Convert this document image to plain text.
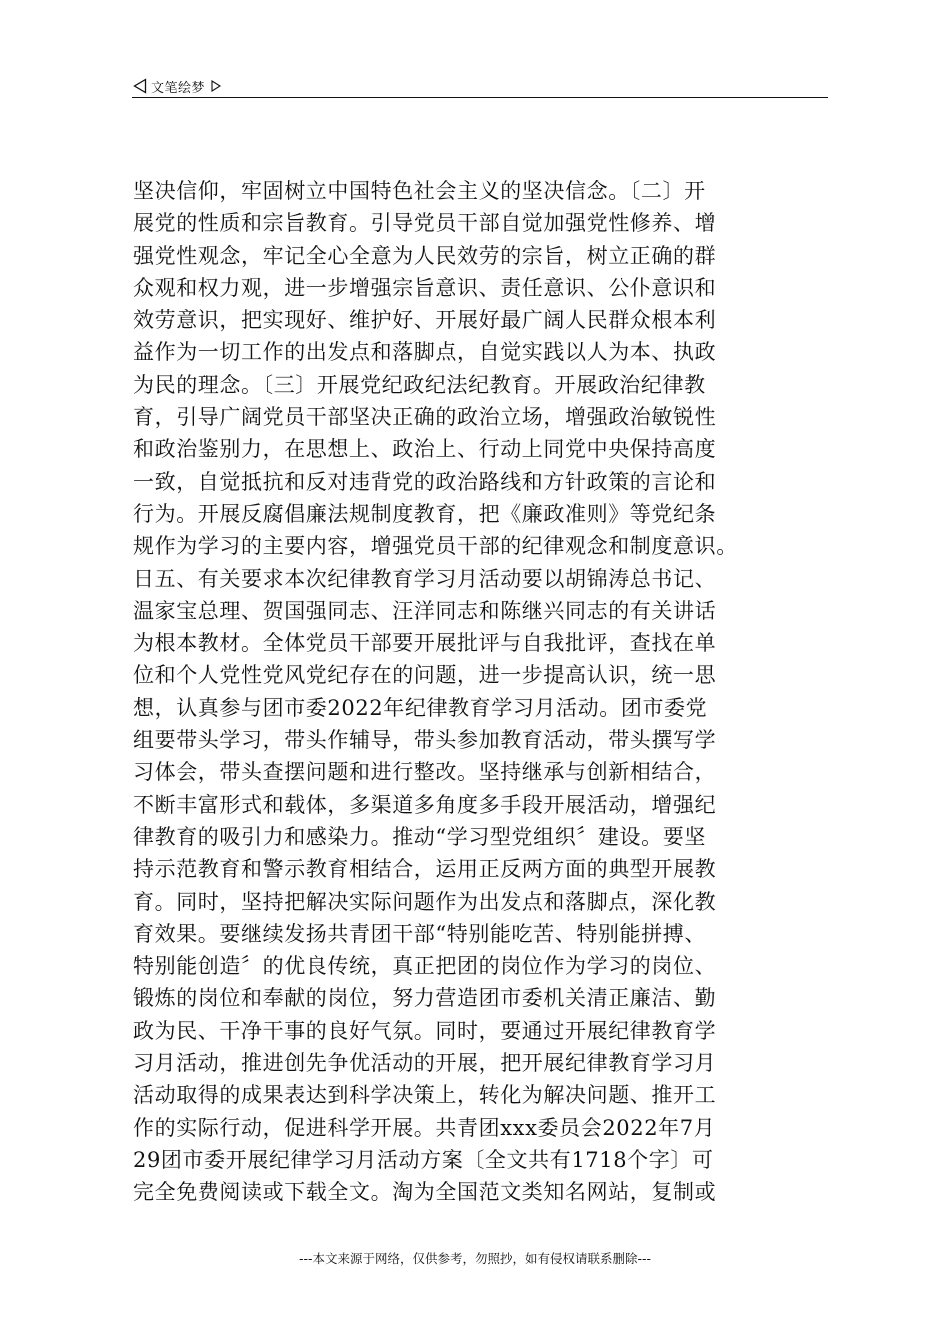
文笔绘梦
坚决信仰，牢固树立中国特色社会主义的坚决信念。〔二〕开
展党的性质和宗旨教育。引导党员干部自觉加强党性修养、增
强党性观念，牢记全心全意为人民效劳的宗旨，树立正确的群
众观和权力观，进一步增强宗旨意识、责任意识、公仆意识和
效劳意识，把实现好、维护好、开展好最广阔人民群众根本利
益作为一切工作的出发点和落脚点，自觉实践以人为本、执政
为民的理念。〔三〕开展党纪政纪法纪教育。开展政治纪律教
育，引导广阔党员干部坚决正确的政治立场，增强政治敏锐性
和政治鉴别力，在思想上、政治上、行动上同党中央保持高度
一致，自觉抵抗和反对违背党的政治路线和方针政策的言论和
行为。开展反腐倡廉法规制度教育，把《廉政准则》等党纪条
规作为学习的主要内容，增强党员干部的纪律观念和制度意识。
日五、有关要求本次纪律教育学习月活动要以胡锦涛总书记、
温家宝总理、贺国强同志、汪洋同志和陈继兴同志的有关讲话
为根本教材。全体党员干部要开展批评与自我批评，查找在单
位和个人党性党风党纪存在的问题，进一步提高认识，统一思
想，认真参与团市委2022年纪律教育学习月活动。团市委党
组要带头学习，带头作辅导，带头参加教育活动，带头撰写学
习体会，带头查摆问题和进行整改。坚持继承与创新相结合，
不断丰富形式和载体，多渠道多角度多手段开展活动，增强纪
律教育的吸引力和感染力。推动“学习型党组织〞建设。要坚
持示范教育和警示教育相结合，运用正反两方面的典型开展教
育。同时，坚持把解决实际问题作为出发点和落脚点，深化教
育效果。要继续发扬共青团干部“特别能吃苦、特别能拼搏、
特别能创造〞的优良传统，真正把团的岗位作为学习的岗位、
锻炼的岗位和奉献的岗位，努力营造团市委机关清正廉洁、勤
政为民、干净干事的良好气氛。同时，要通过开展纪律教育学
习月活动，推进创先争优活动的开展，把开展纪律教育学习月
活动取得的成果表达到科学决策上，转化为解决问题、推开工
作的实际行动，促进科学开展。共青团xxx委员会2022年7月
29团市委开展纪律学习月活动方案〔全文共有1718个字〕可
完全免费阅读或下载全文。淘为全国范文类知名网站，复制或
---本文来源于网络，仅供参考，勿照抄，如有侵权请联系删除---
